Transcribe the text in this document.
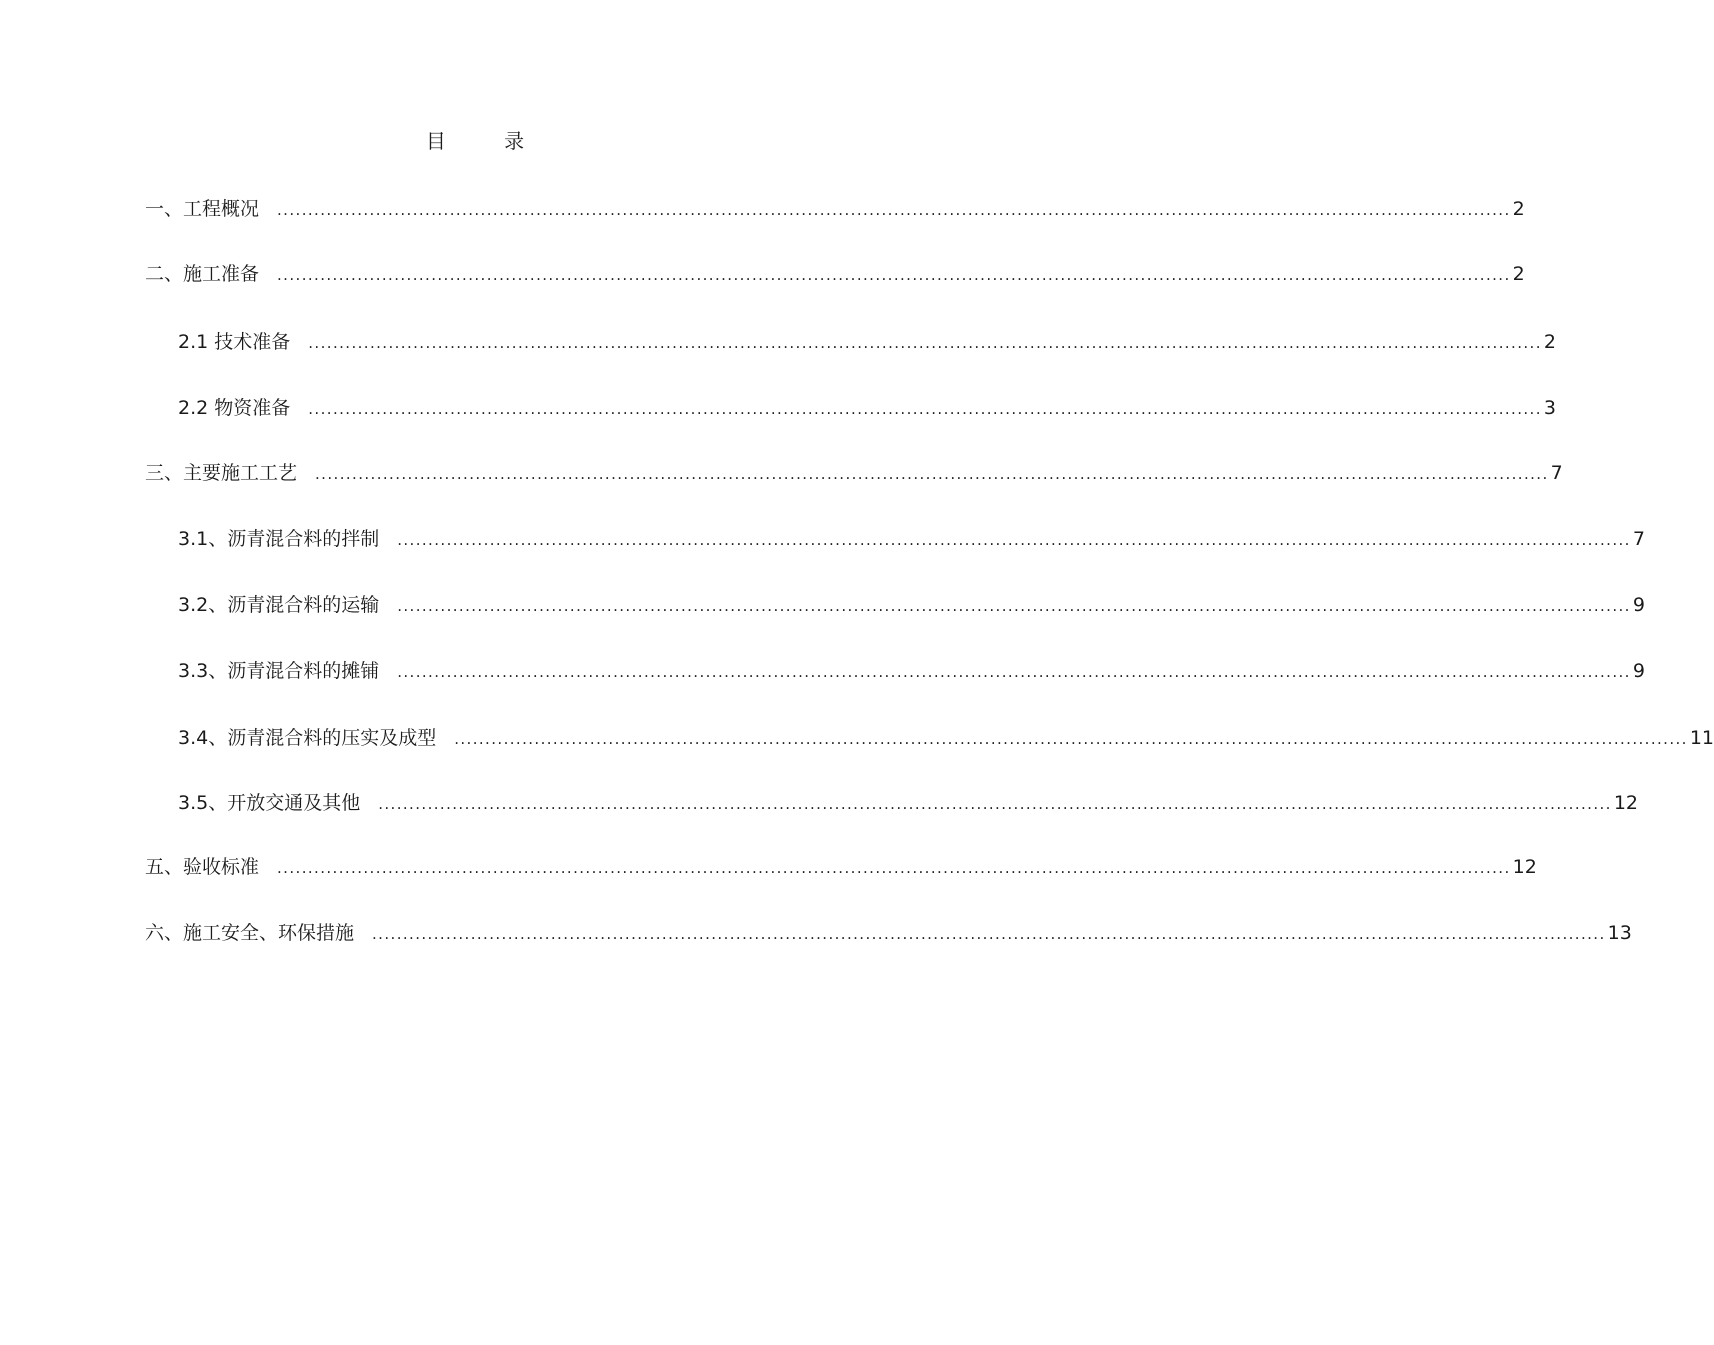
目 录
一、工程概况 ........................................................................................................................................................................................................ 2
二、施工准备 ........................................................................................................................................................................................................ 2
2.1 技术准备 ........................................................................................................................................................................................................ 2
2.2 物资准备 ........................................................................................................................................................................................................ 3
三、主要施工工艺 ........................................................................................................................................................................................................ 7
3.1、沥青混合料的拌制 ........................................................................................................................................................................................................ 7
3.2、沥青混合料的运输 ........................................................................................................................................................................................................ 9
3.3、沥青混合料的摊铺 ........................................................................................................................................................................................................ 9
3.4、沥青混合料的压实及成型 ........................................................................................................................................................................................................ 11
3.5、开放交通及其他 ........................................................................................................................................................................................................ 12
五、验收标准 ........................................................................................................................................................................................................ 12
六、施工安全、环保措施 ........................................................................................................................................................................................................ 13
